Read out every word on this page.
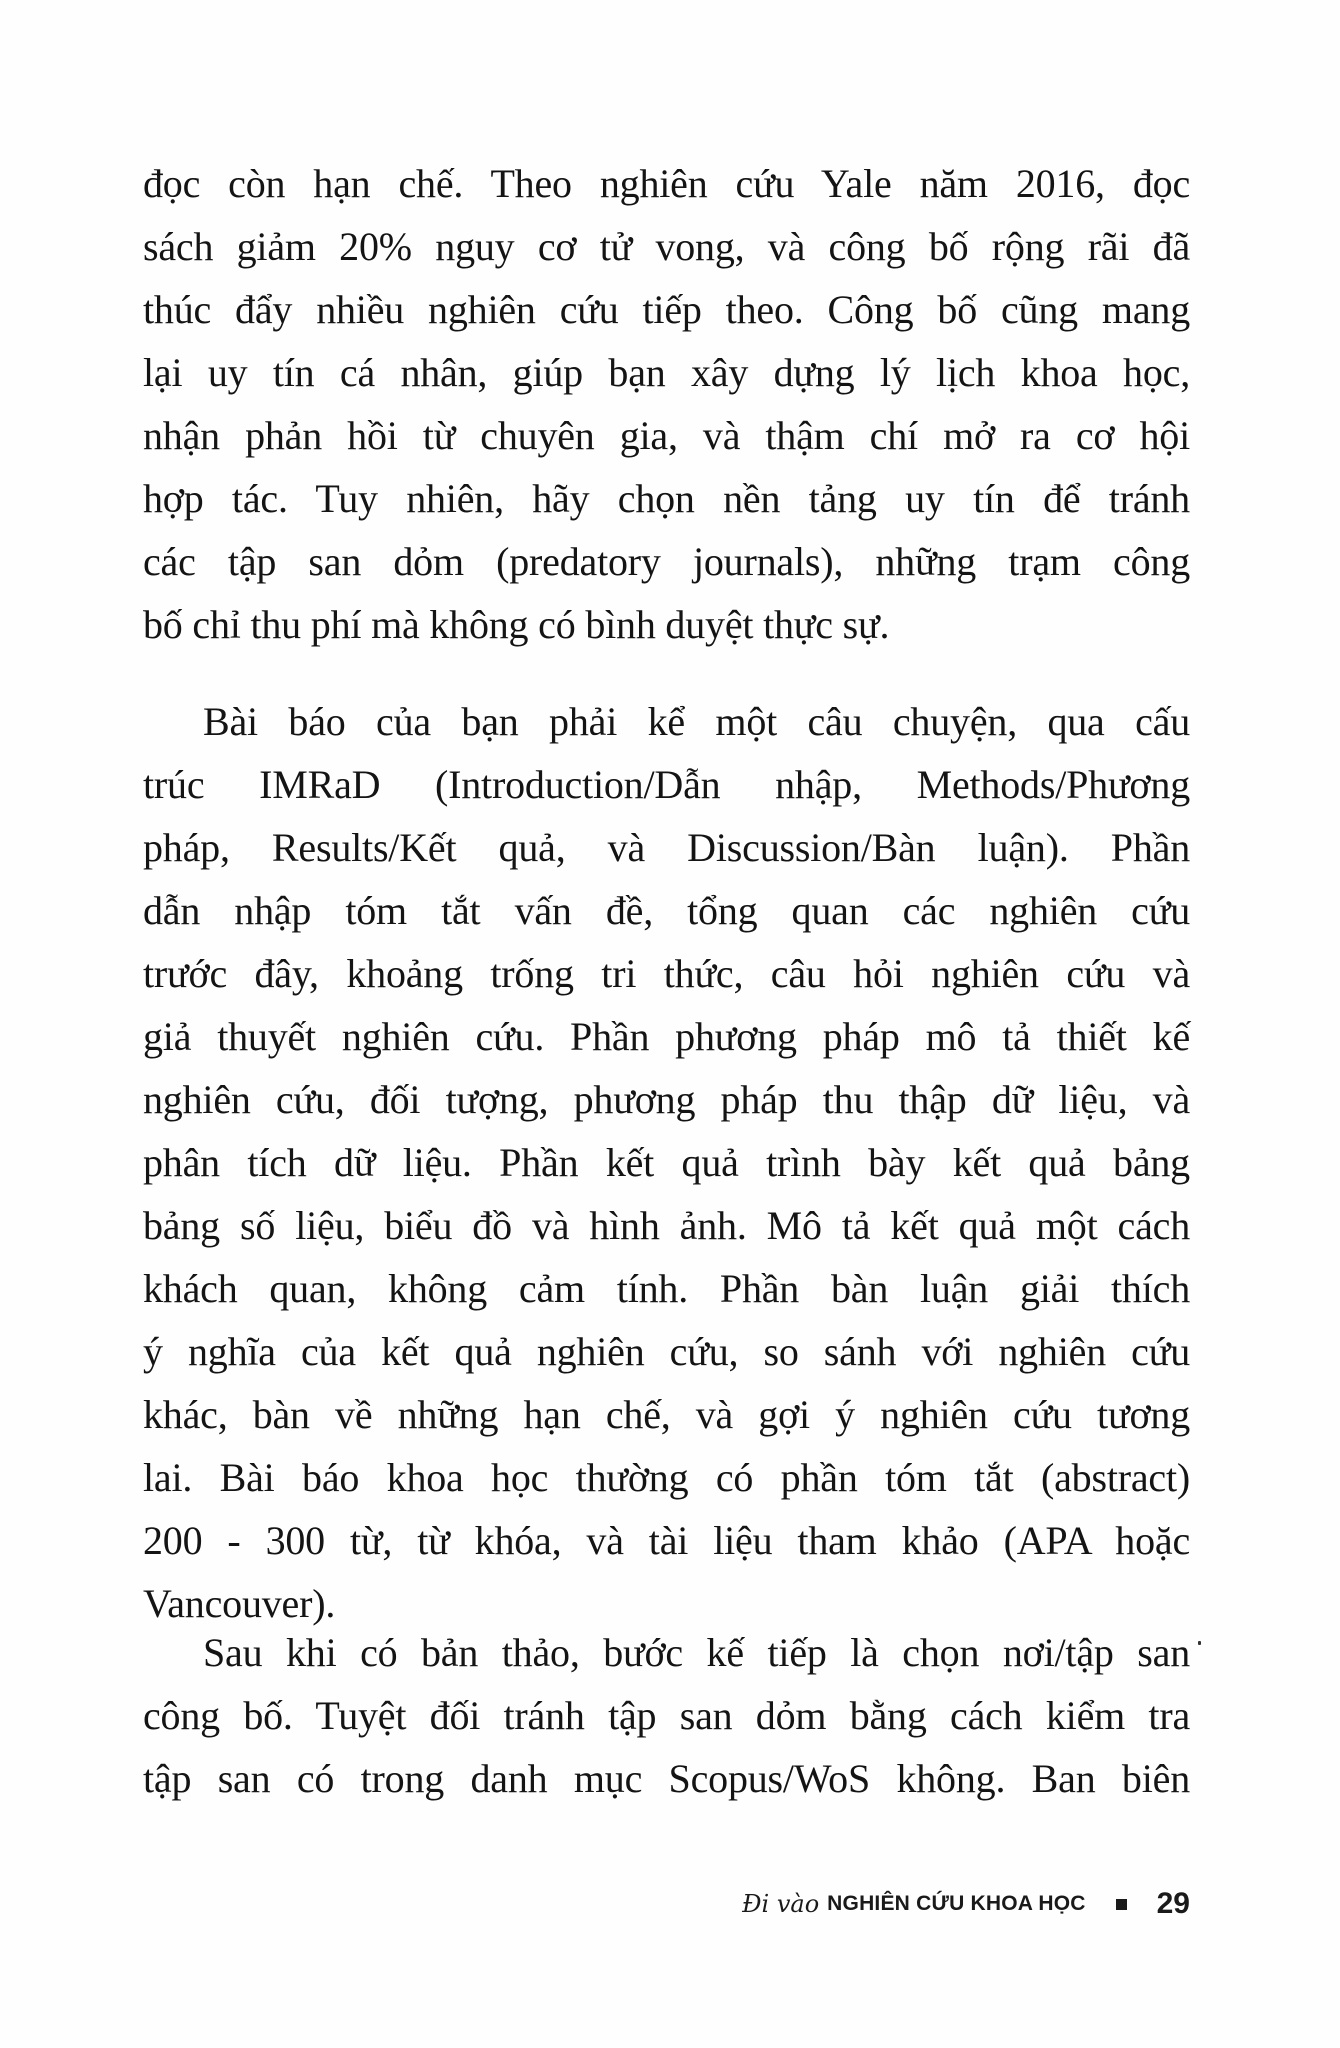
đọc còn hạn chế. Theo nghiên cứu Yale năm 2016, đọc
sách giảm 20% nguy cơ tử vong, và công bố rộng rãi đã
thúc đẩy nhiều nghiên cứu tiếp theo. Công bố cũng mang
lại uy tín cá nhân, giúp bạn xây dựng lý lịch khoa học,
nhận phản hồi từ chuyên gia, và thậm chí mở ra cơ hội
hợp tác. Tuy nhiên, hãy chọn nền tảng uy tín để tránh
các tập san dỏm (predatory journals), những trạm công
bố chỉ thu phí mà không có bình duyệt thực sự.
Bài báo của bạn phải kể một câu chuyện, qua cấu
trúc IMRaD (Introduction/Dẫn nhập, Methods/Phương
pháp, Results/Kết quả, và Discussion/Bàn luận). Phần
dẫn nhập tóm tắt vấn đề, tổng quan các nghiên cứu
trước đây, khoảng trống tri thức, câu hỏi nghiên cứu và
giả thuyết nghiên cứu. Phần phương pháp mô tả thiết kế
nghiên cứu, đối tượng, phương pháp thu thập dữ liệu, và
phân tích dữ liệu. Phần kết quả trình bày kết quả bảng
bảng số liệu, biểu đồ và hình ảnh. Mô tả kết quả một cách
khách quan, không cảm tính. Phần bàn luận giải thích
ý nghĩa của kết quả nghiên cứu, so sánh với nghiên cứu
khác, bàn về những hạn chế, và gợi ý nghiên cứu tương
lai. Bài báo khoa học thường có phần tóm tắt (abstract)
200 - 300 từ, từ khóa, và tài liệu tham khảo (APA hoặc
Vancouver).
Sau khi có bản thảo, bước kế tiếp là chọn nơi/tập san
công bố. Tuyệt đối tránh tập san dỏm bằng cách kiểm tra
tập san có trong danh mục Scopus/WoS không. Ban biên
Đi vào NGHIÊN CỨU KHOA HỌC 29
